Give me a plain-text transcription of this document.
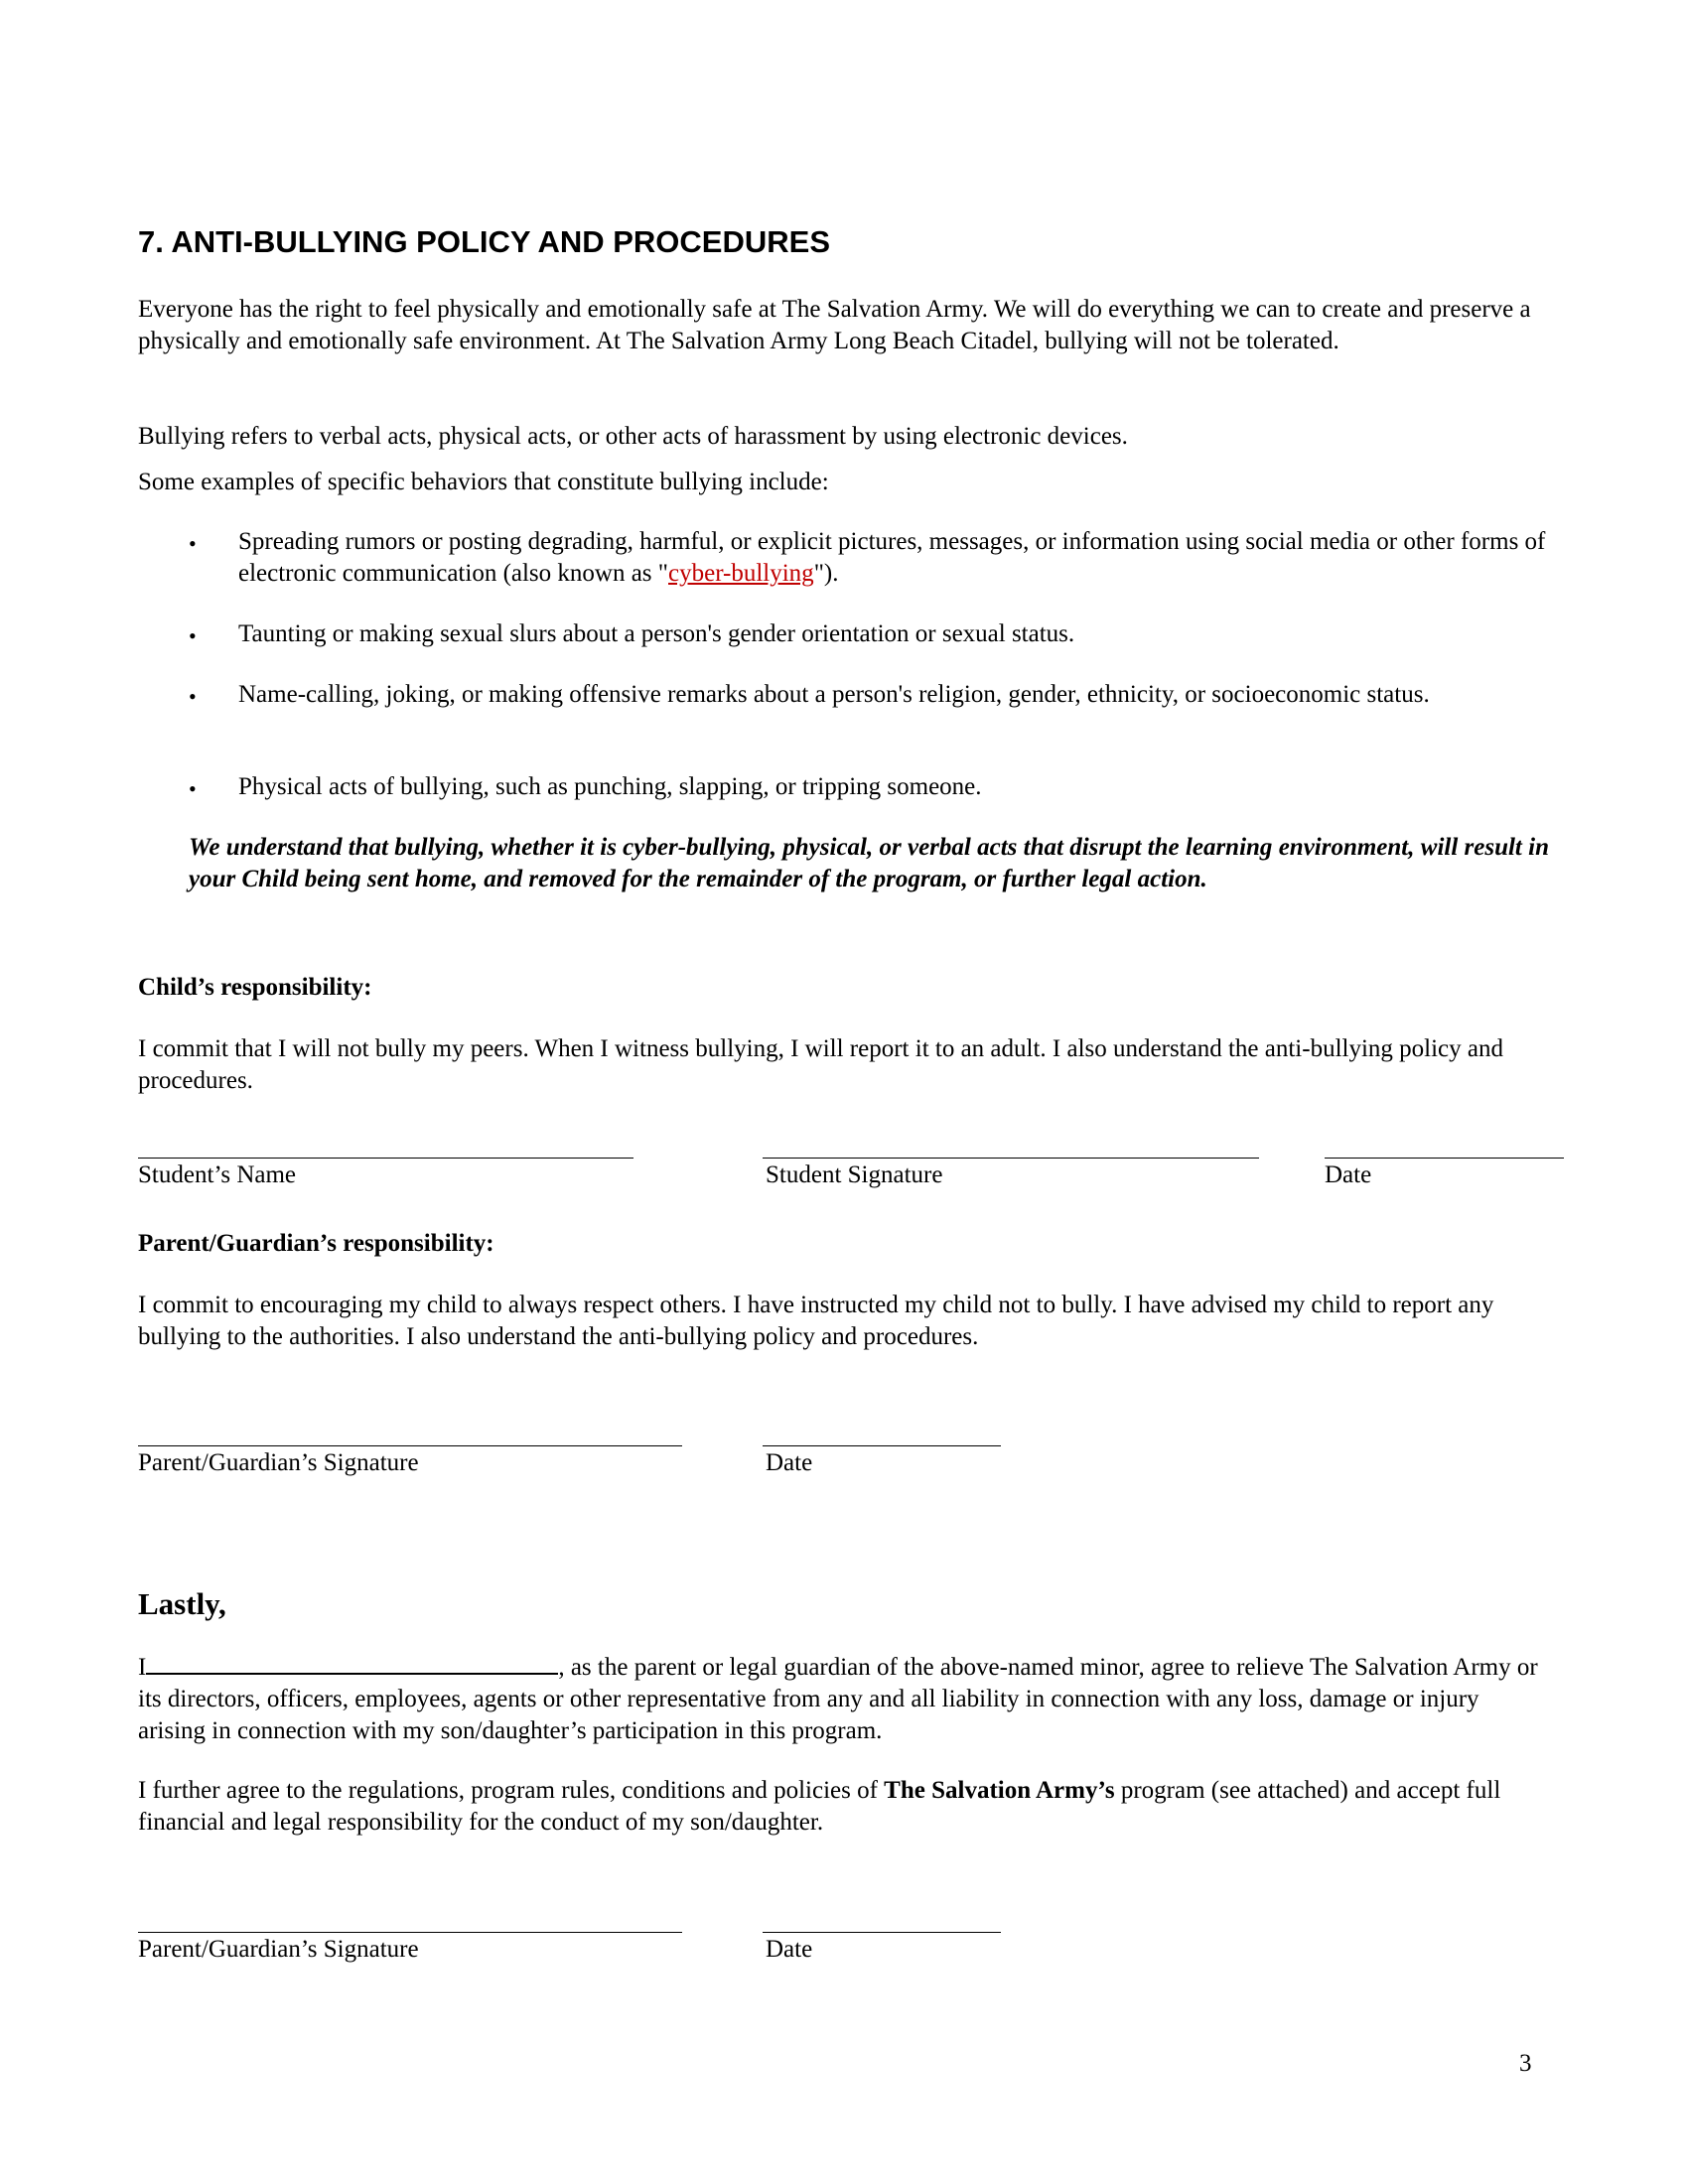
7. ANTI-BULLYING POLICY AND PROCEDURES
Everyone has the right to feel physically and emotionally safe at The Salvation Army. We will do everything we can to create and preserve a physically and emotionally safe environment. At The Salvation Army Long Beach Citadel, bullying will not be tolerated.
Bullying refers to verbal acts, physical acts, or other acts of harassment by using electronic devices.
Some examples of specific behaviors that constitute bullying include:
• Spreading rumors or posting degrading, harmful, or explicit pictures, messages, or information using social media or other forms of electronic communication (also known as "cyber-bullying").
• Taunting or making sexual slurs about a person's gender orientation or sexual status.
• Name-calling, joking, or making offensive remarks about a person's religion, gender, ethnicity, or socioeconomic status.
• Physical acts of bullying, such as punching, slapping, or tripping someone.
We understand that bullying, whether it is cyber-bullying, physical, or verbal acts that disrupt the learning environment, will result in your Child being sent home, and removed for the remainder of the program, or further legal action.
Child’s responsibility:
I commit that I will not bully my peers. When I witness bullying, I will report it to an adult. I also understand the anti-bullying policy and procedures.
Student’s Name	Student Signature	Date
Parent/Guardian’s responsibility:
I commit to encouraging my child to always respect others. I have instructed my child not to bully. I have advised my child to report any bullying to the authorities. I also understand the anti-bullying policy and procedures.
Parent/Guardian’s Signature	Date
Lastly,
I	, as the parent or legal guardian of the above-named minor, agree to relieve The Salvation Army or its directors, officers, employees, agents or other representative from any and all liability in connection with any loss, damage or injury arising in connection with my son/daughter’s participation in this program.
I further agree to the regulations, program rules, conditions and policies of The Salvation Army’s program (see attached) and accept full financial and legal responsibility for the conduct of my son/daughter.
Parent/Guardian’s Signature	Date
3
